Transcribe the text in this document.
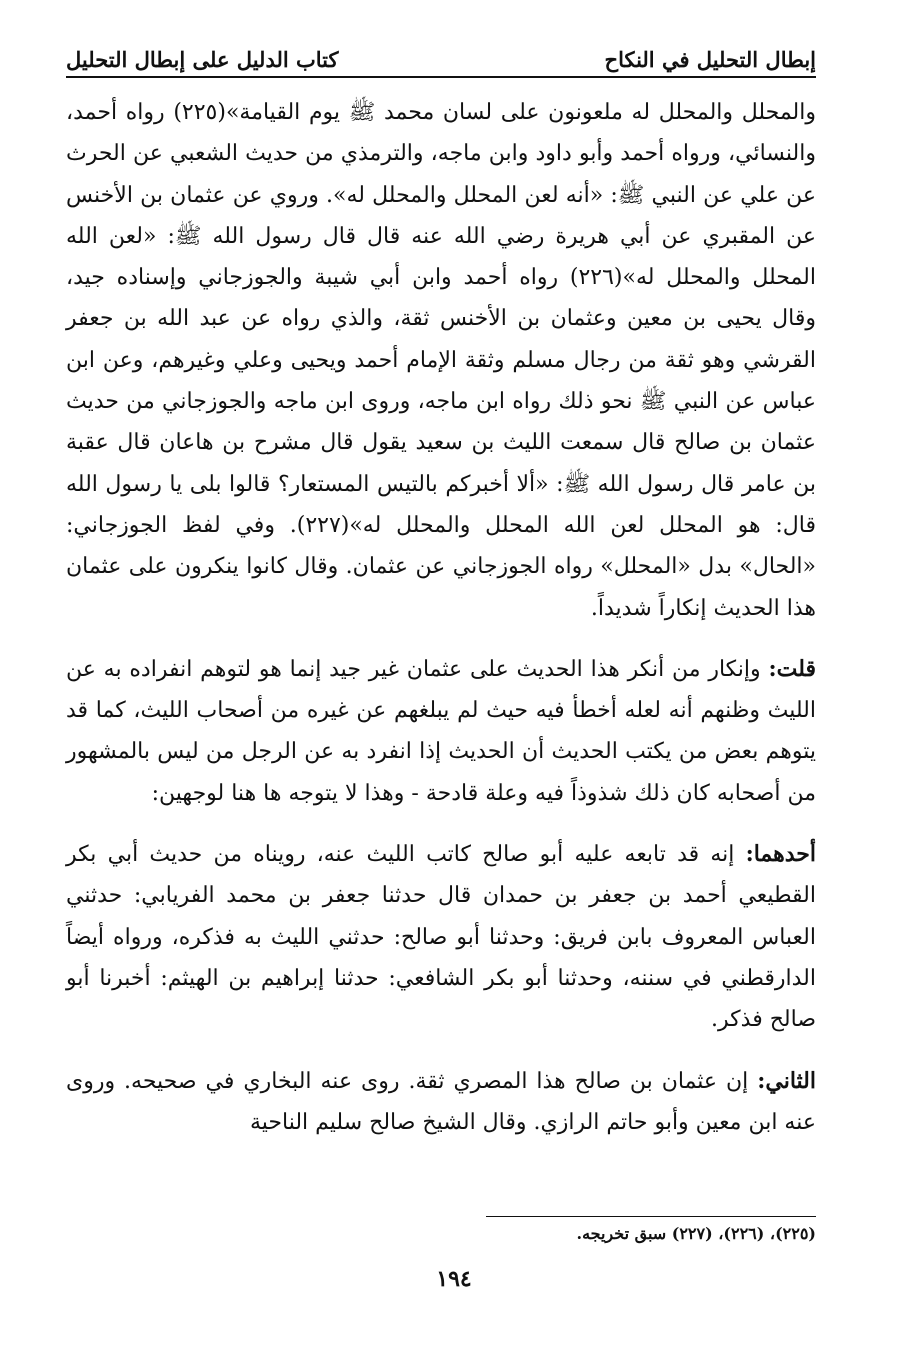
إبطال التحليل في النكاح
كتاب الدليل على إبطال التحليل

والمحلل والمحلل له ملعونون على لسان محمد ﷺ يوم القيامة»(٢٢٥) رواه أحمد، والنسائي، ورواه أحمد وأبو داود وابن ماجه، والترمذي من حديث الشعبي عن الحرث عن علي عن النبي ﷺ: «أنه لعن المحلل والمحلل له». وروي عن عثمان بن الأخنس عن المقبري عن أبي هريرة رضي الله عنه قال قال رسول الله ﷺ: «لعن الله المحلل والمحلل له»(٢٢٦) رواه أحمد وابن أبي شيبة والجوزجاني وإسناده جيد، وقال يحيى بن معين وعثمان بن الأخنس ثقة، والذي رواه عن عبد الله بن جعفر القرشي وهو ثقة من رجال مسلم وثقة الإمام أحمد ويحيى وعلي وغيرهم، وعن ابن عباس عن النبي ﷺ نحو ذلك رواه ابن ماجه، وروى ابن ماجه والجوزجاني من حديث عثمان بن صالح قال سمعت الليث بن سعيد يقول قال مشرح بن هاعان قال عقبة بن عامر قال رسول الله ﷺ: «ألا أخبركم بالتيس المستعار؟ قالوا بلى يا رسول الله قال: هو المحلل لعن الله المحلل والمحلل له»(٢٢٧). وفي لفظ الجوزجاني: «الحال» بدل «المحلل» رواه الجوزجاني عن عثمان. وقال كانوا ينكرون على عثمان هذا الحديث إنكاراً شديداً.

قلت: وإنكار من أنكر هذا الحديث على عثمان غير جيد إنما هو لتوهم انفراده به عن الليث وظنهم أنه لعله أخطأ فيه حيث لم يبلغهم عن غيره من أصحاب الليث، كما قد يتوهم بعض من يكتب الحديث أن الحديث إذا انفرد به عن الرجل من ليس بالمشهور من أصحابه كان ذلك شذوذاً فيه وعلة قادحة - وهذا لا يتوجه ها هنا لوجهين:

أحدهما: إنه قد تابعه عليه أبو صالح كاتب الليث عنه، رويناه من حديث أبي بكر القطيعي أحمد بن جعفر بن حمدان قال حدثنا جعفر بن محمد الفريابي: حدثني العباس المعروف بابن فريق: وحدثنا أبو صالح: حدثني الليث به فذكره، ورواه أيضاً الدارقطني في سننه، وحدثنا أبو بكر الشافعي: حدثنا إبراهيم بن الهيثم: أخبرنا أبو صالح فذكر.

الثاني: إن عثمان بن صالح هذا المصري ثقة. روى عنه البخاري في صحيحه. وروى عنه ابن معين وأبو حاتم الرازي. وقال الشيخ صالح سليم الناحية

(٢٢٥)، (٢٢٦)، (٢٢٧) سبق تخريجه.
١٩٤
